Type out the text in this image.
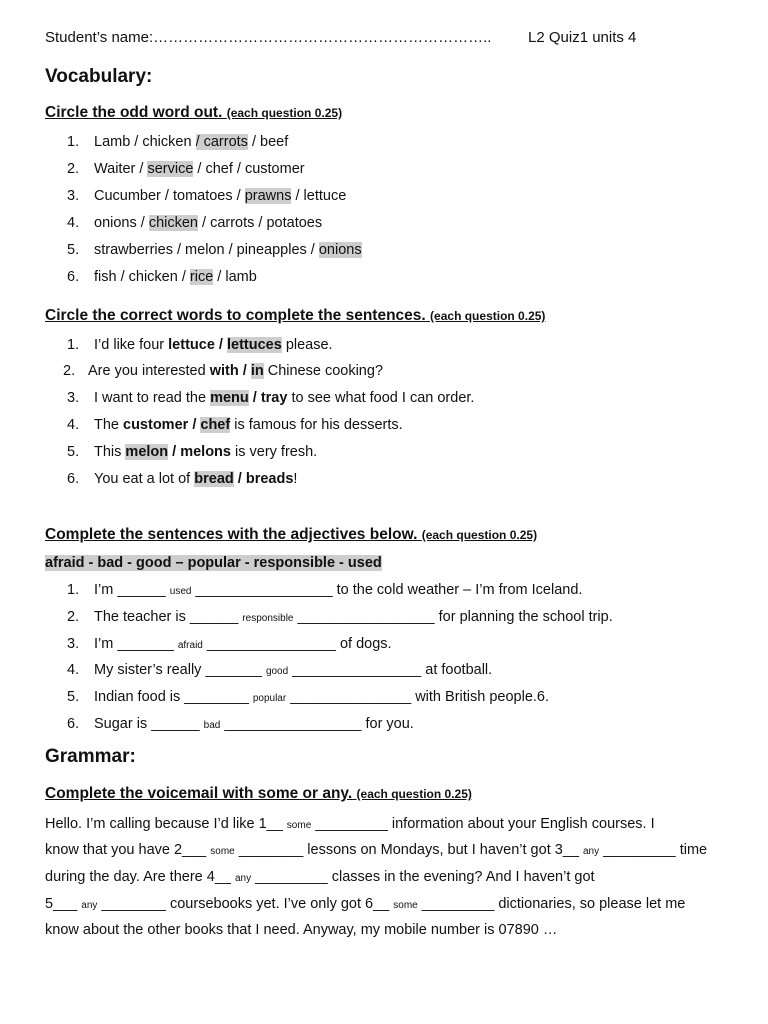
Student’s name:………………………………………………………….. L2 Quiz1 units 4
Vocabulary:
Circle the odd word out. (each question 0.25)
1. Lamb / chicken / carrots / beef
2. Waiter / service / chef / customer
3. Cucumber / tomatoes / prawns / lettuce
4. onions / chicken / carrots / potatoes
5. strawberries / melon / pineapples / onions
6. fish / chicken / rice / lamb
Circle the correct words to complete the sentences. (each question 0.25)
1. I’d like four lettuce / lettuces please.
2. Are you interested with / in Chinese cooking?
3. I want to read the menu / tray to see what food I can order.
4. The customer / chef is famous for his desserts.
5. This melon / melons is very fresh.
6. You eat a lot of bread / breads!
Complete the sentences with the adjectives below. (each question 0.25)
afraid - bad - good – popular - responsible - used
1. I’m ______ used _________________ to the cold weather – I’m from Iceland.
2. The teacher is ______ responsible _________________ for planning the school trip.
3. I’m _______ afraid ________________ of dogs.
4. My sister’s really _______ good ________________ at football.
5. Indian food is ________ popular _______________ with British people.6.
6. Sugar is ______ bad _________________ for you.
Grammar:
Complete the voicemail with some or any. (each question 0.25)
Hello. I’m calling because I’d like 1__ some _________ information about your English courses. I
know that you have 2___ some ________ lessons on Mondays, but I haven’t got 3__ any _________ time
during the day. Are there 4__ any _________ classes in the evening? And I haven’t got
5___ any ________ coursebooks yet. I’ve only got 6__ some _________ dictionaries, so please let me
know about the other books that I need. Anyway, my mobile number is 07890 …
